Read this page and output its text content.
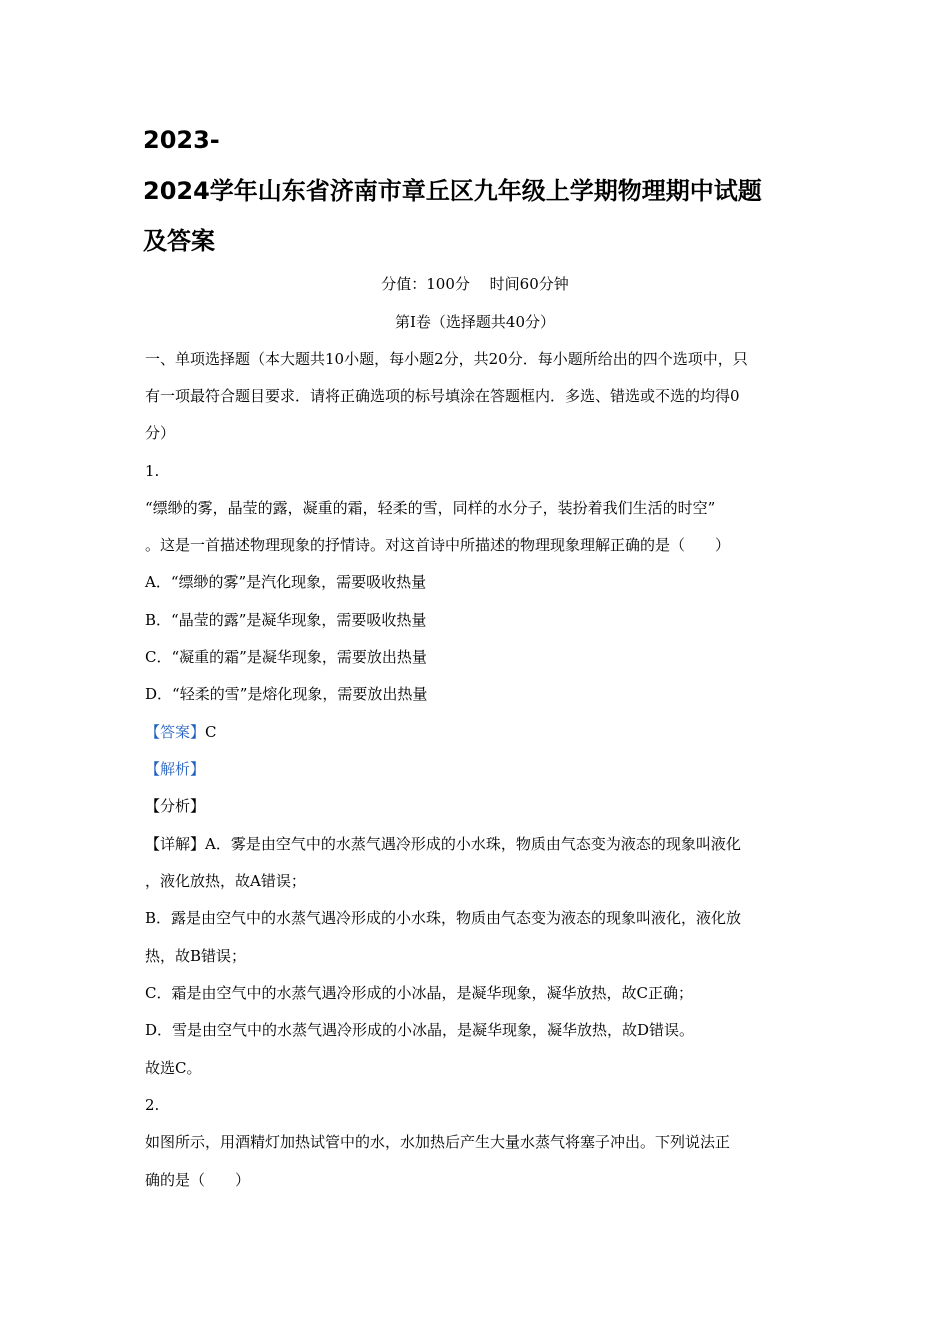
2023-
2024学年山东省济南市章丘区九年级上学期物理期中试题
及答案
分值：100分　 时间60分钟
第Ⅰ卷（选择题共40分）
一、单项选择题（本大题共10小题，每小题2分，共20分．每小题所给出的四个选项中，只
有一项最符合题目要求．请将正确选项的标号填涂在答题框内．多选、错选或不选的均得0
分）
1.
“缥缈的雾，晶莹的露，凝重的霜，轻柔的雪，同样的水分子，装扮着我们生活的时空”
。这是一首描述物理现象的抒情诗。对这首诗中所描述的物理现象理解正确的是（　　）
A．“缥缈的雾”是汽化现象，需要吸收热量
B．“晶莹的露”是凝华现象，需要吸收热量
C．“凝重的霜”是凝华现象，需要放出热量
D．“轻柔的雪”是熔化现象，需要放出热量
【答案】C
【解析】
【分析】
【详解】A．雾是由空气中的水蒸气遇冷形成的小水珠，物质由气态变为液态的现象叫液化
，液化放热，故A错误；
B．露是由空气中的水蒸气遇冷形成的小水珠，物质由气态变为液态的现象叫液化，液化放
热，故B错误；
C．霜是由空气中的水蒸气遇冷形成的小冰晶，是凝华现象，凝华放热，故C正确；
D．雪是由空气中的水蒸气遇冷形成的小冰晶，是凝华现象，凝华放热，故D错误。
故选C。
2.
如图所示，用酒精灯加热试管中的水，水加热后产生大量水蒸气将塞子冲出。下列说法正
确的是（　　）
